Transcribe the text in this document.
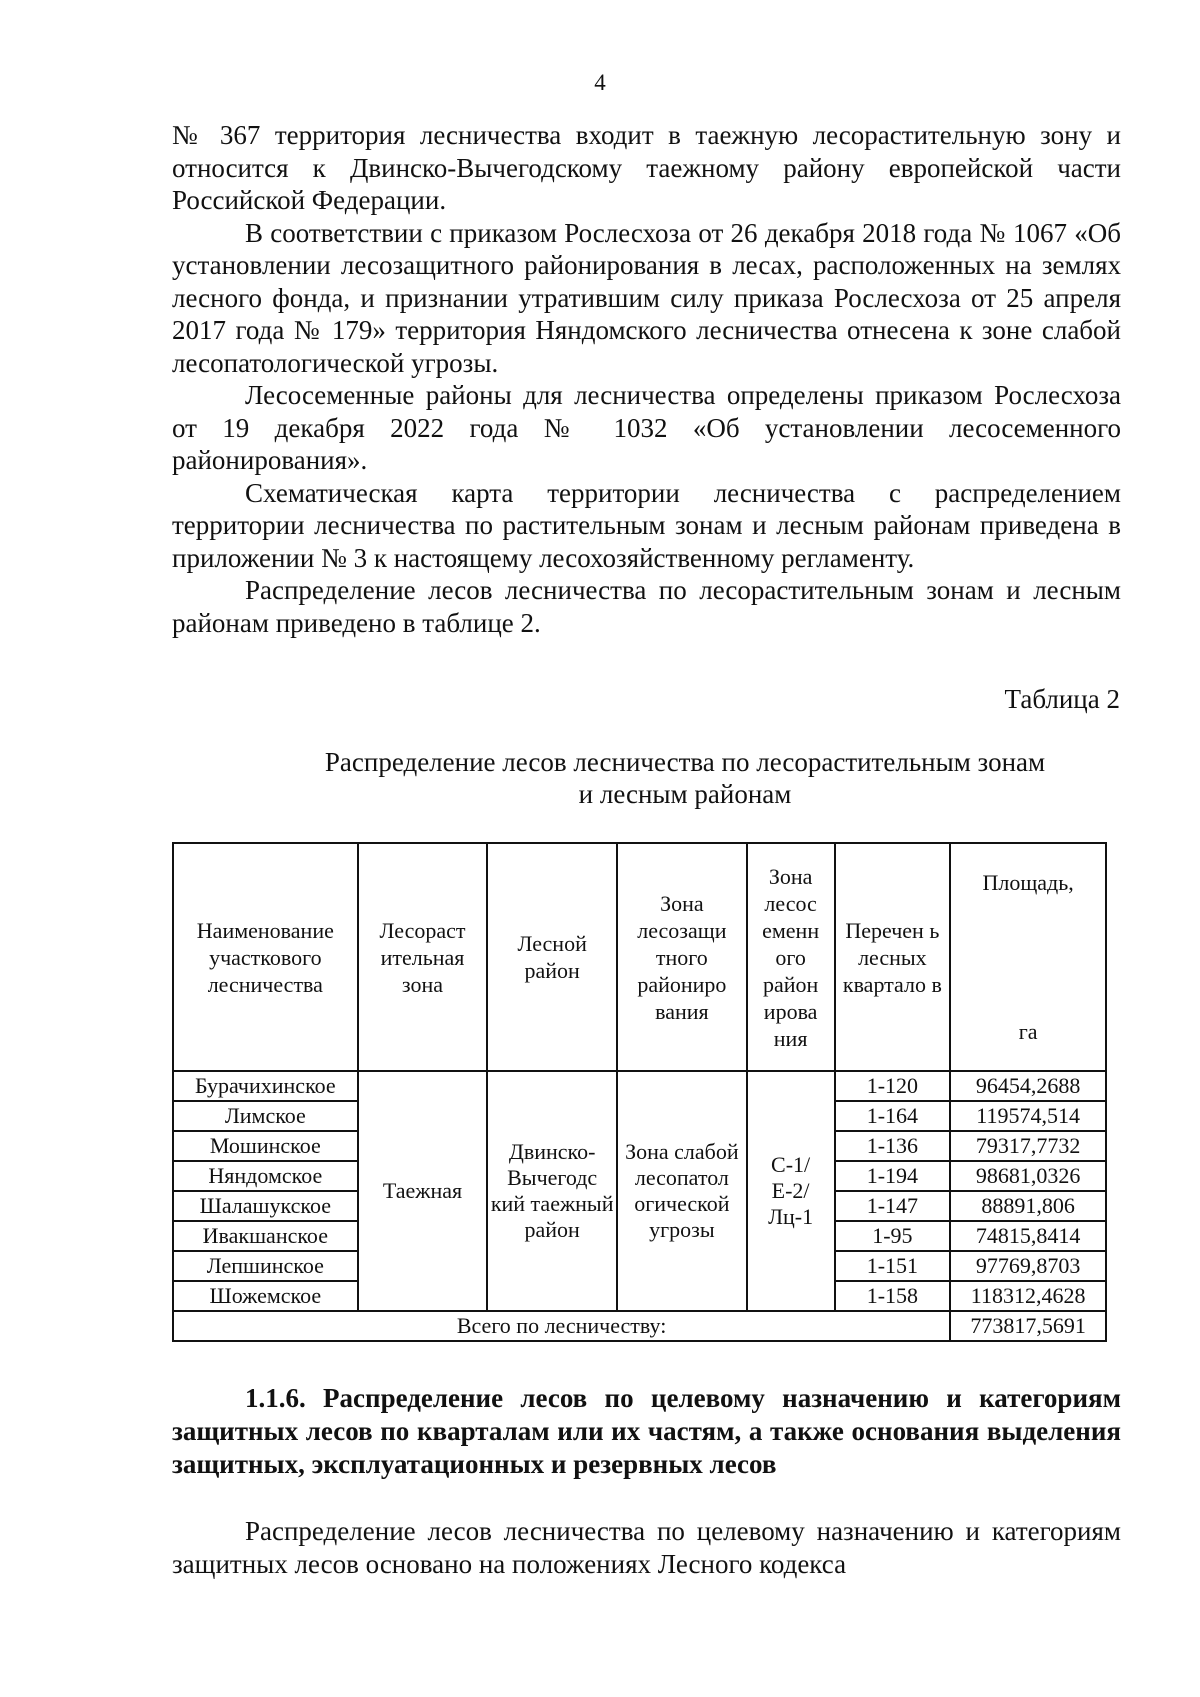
4

№ 367 территория лесничества входит в таежную лесорастительную зону и относится к Двинско-Вычегодскому таежному району европейской части Российской Федерации.

В соответствии с приказом Рослесхоза от 26 декабря 2018 года № 1067 «Об установлении лесозащитного районирования в лесах, расположенных на землях лесного фонда, и признании утратившим силу приказа Рослесхоза от 25 апреля 2017 года № 179» территория Няндомского лесничества отнесена к зоне слабой лесопатологической угрозы.

Лесосеменные районы для лесничества определены приказом Рослесхоза от 19 декабря 2022 года № 1032 «Об установлении лесосеменного районирования».

Схематическая карта территории лесничества с распределением территории лесничества по растительным зонам и лесным районам приведена в приложении № 3 к настоящему лесохозяйственному регламенту.

Распределение лесов лесничества по лесорастительным зонам и лесным районам приведено в таблице 2.

Таблица 2

Распределение лесов лесничества по лесорастительным зонам
и лесным районам

Наименование участкового лесничества	Лесораст ительная зона	Лесной район	Зона лесозащи тного райониро вания	Зона лесос еменн ого район ирова ния	Перечен ь лесных квартало в	Площадь,
га

Бурачихинское	Таежная	Двинско-Вычегодс кий таежный район	Зона слабой лесопатол огической угрозы	С-1/ Е-2/ Лц-1	1-120	96454,2688
Лимское					1-164	119574,514
Мошинское					1-136	79317,7732
Няндомское					1-194	98681,0326
Шалашукское					1-147	88891,806
Ивакшанское					1-95	74815,8414
Лепшинское					1-151	97769,8703
Шожемское					1-158	118312,4628
Всего по лесничеству:						773817,5691

1.1.6. Распределение лесов по целевому назначению и категориям защитных лесов по кварталам или их частям, а также основания выделения защитных, эксплуатационных и резервных лесов

Распределение лесов лесничества по целевому назначению и категориям защитных лесов основано на положениях Лесного кодекса
